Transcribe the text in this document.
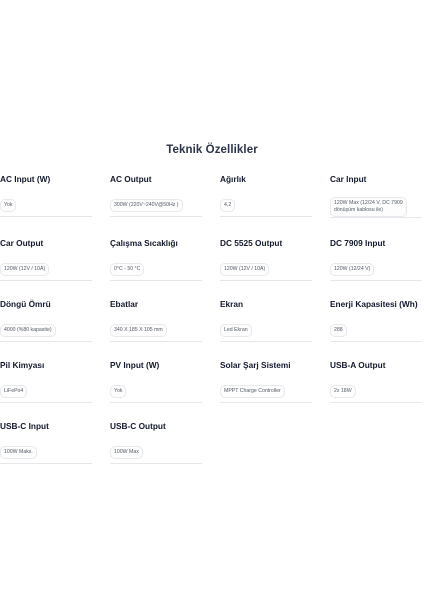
Teknik Özellikler
AC Input (W)
Yok
AC Output
300W (220V~240V@50Hz )
Ağırlık
4,2
Car Input
120W Max (12/24 V, DC 7909
dönüşüm kablosu ile)
Car Output
120W (12V / 10A)
Çalışma Sıcaklığı
0°C - 50 °C
DC 5525 Output
120W (12V / 10A)
DC 7909 Input
120W (12/24 V)
Döngü Ömrü
4000 (%80 kapasite)
Ebatlar
340 X 185 X 105 mm
Ekran
Led Ekran
Enerji Kapasitesi (Wh)
288
Pil Kimyası
LiFePo4
PV Input (W)
Yok
Solar Şarj Sistemi
MPPT Charge Controller
USB-A Output
2x 18W
USB-C Input
100W Maks.
USB-C Output
100W Max
